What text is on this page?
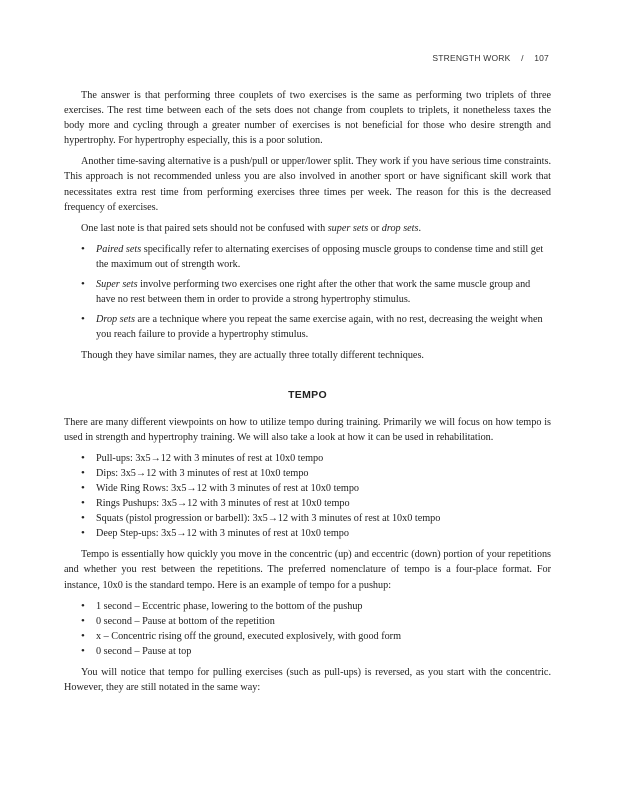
STRENGTH WORK / 107

The answer is that performing three couplets of two exercises is the same as performing two triplets of three exercises. The rest time between each of the sets does not change from couplets to triplets, it nonetheless taxes the body more and cycling through a greater number of exercises is not beneficial for those who desire strength and hypertrophy. For hypertrophy especially, this is a poor solution.

Another time-saving alternative is a push/pull or upper/lower split. They work if you have serious time constraints. This approach is not recommended unless you are also involved in another sport or have significant skill work that necessitates extra rest time from performing exercises three times per week. The reason for this is the decreased frequency of exercises.

One last note is that paired sets should not be confused with super sets or drop sets.

• Paired sets specifically refer to alternating exercises of opposing muscle groups to condense time and still get the maximum out of strength work.
• Super sets involve performing two exercises one right after the other that work the same muscle group and have no rest between them in order to provide a strong hypertrophy stimulus.
• Drop sets are a technique where you repeat the same exercise again, with no rest, decreasing the weight when you reach failure to provide a hypertrophy stimulus.

Though they have similar names, they are actually three totally different techniques.

TEMPO

There are many different viewpoints on how to utilize tempo during training. Primarily we will focus on how tempo is used in strength and hypertrophy training. We will also take a look at how it can be used in rehabilitation.

• Pull-ups: 3x5→12 with 3 minutes of rest at 10x0 tempo
• Dips: 3x5→12 with 3 minutes of rest at 10x0 tempo
• Wide Ring Rows: 3x5→12 with 3 minutes of rest at 10x0 tempo
• Rings Pushups: 3x5→12 with 3 minutes of rest at 10x0 tempo
• Squats (pistol progression or barbell): 3x5→12 with 3 minutes of rest at 10x0 tempo
• Deep Step-ups: 3x5→12 with 3 minutes of rest at 10x0 tempo

Tempo is essentially how quickly you move in the concentric (up) and eccentric (down) portion of your repetitions and whether you rest between the repetitions. The preferred nomenclature of tempo is a four-place format. For instance, 10x0 is the standard tempo. Here is an example of tempo for a pushup:

• 1 second – Eccentric phase, lowering to the bottom of the pushup
• 0 second – Pause at bottom of the repetition
• x – Concentric rising off the ground, executed explosively, with good form
• 0 second – Pause at top

You will notice that tempo for pulling exercises (such as pull-ups) is reversed, as you start with the concentric. However, they are still notated in the same way:
